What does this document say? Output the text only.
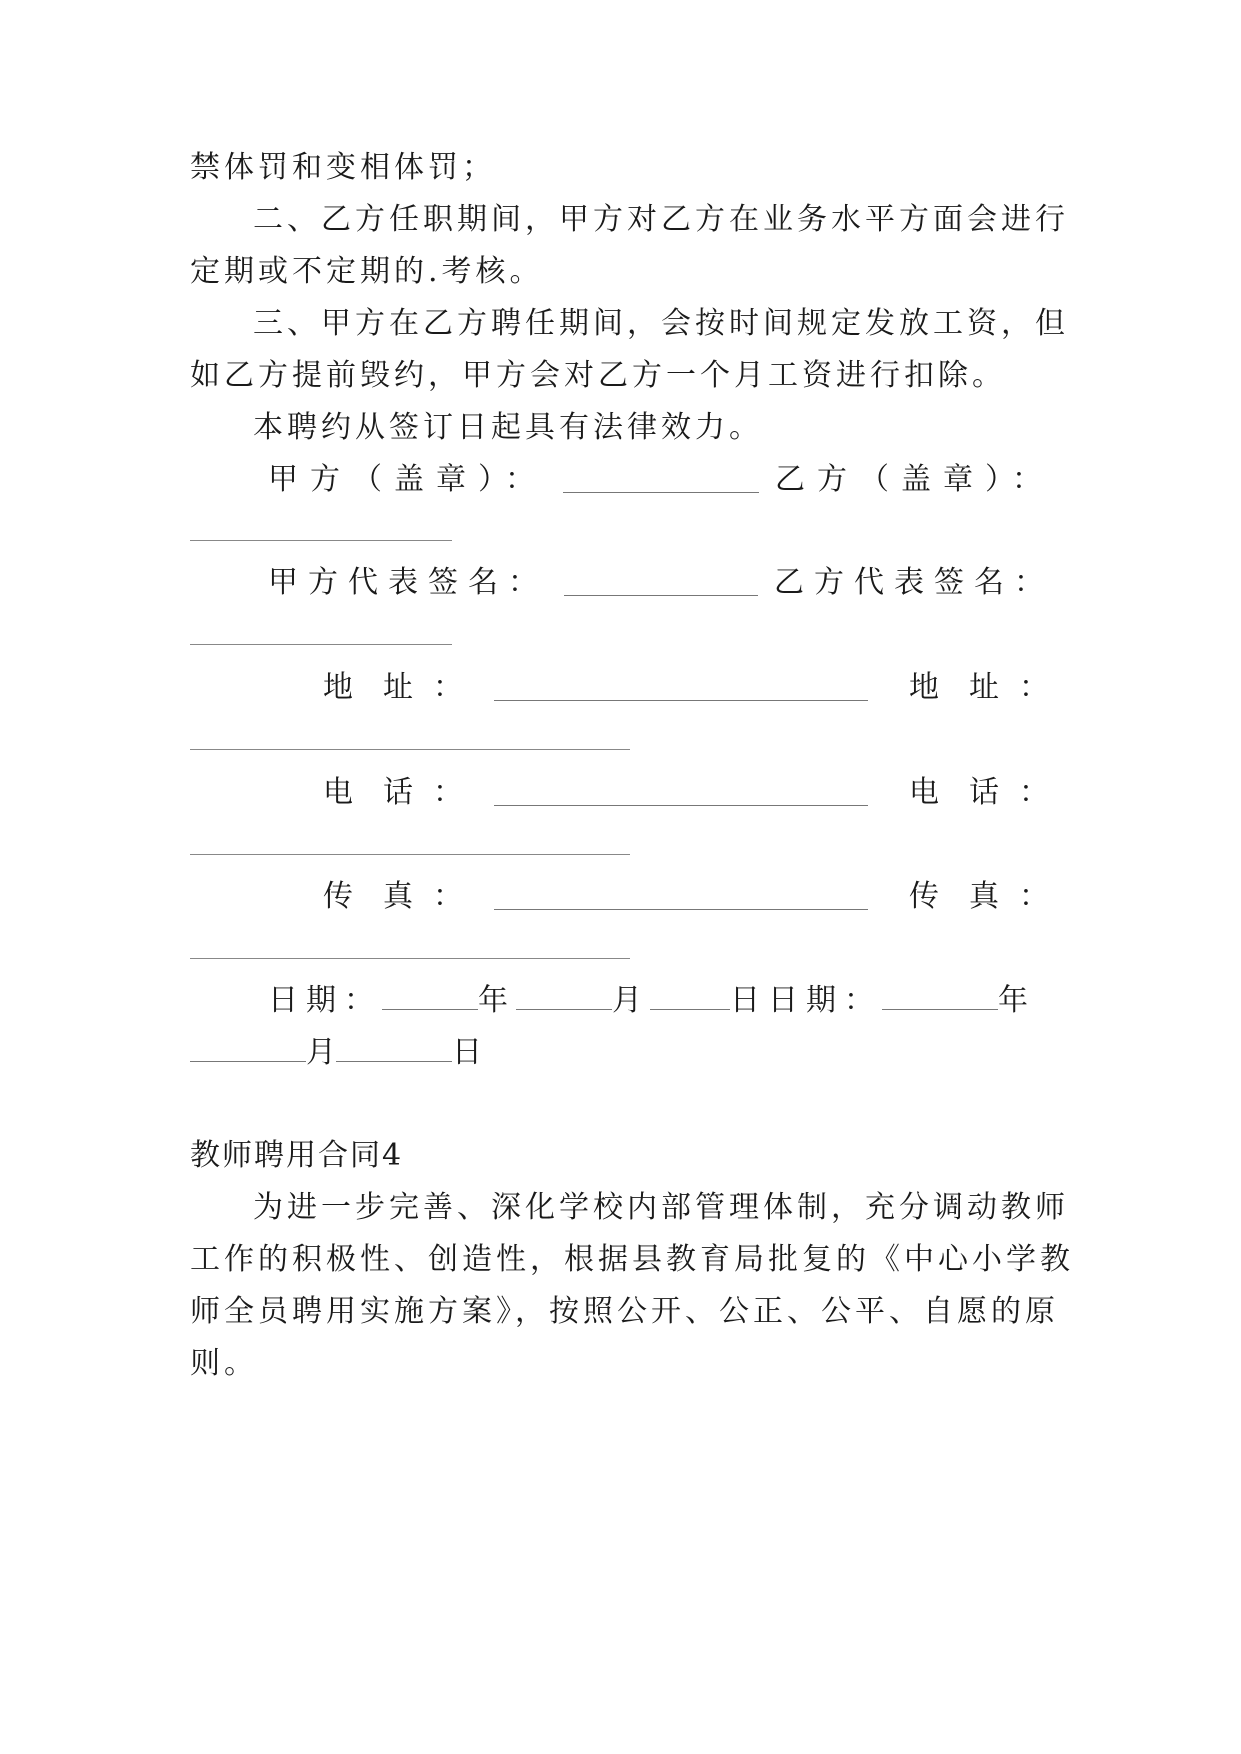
禁体罚和变相体罚；
二、乙方任职期间，甲方对乙方在业务水平方面会进行
定期或不定期的.考核。
三、甲方在乙方聘任期间，会按时间规定发放工资，但
如乙方提前毁约，甲方会对乙方一个月工资进行扣除。
本聘约从签订日起具有法律效力。
甲方（盖章）：	乙方（盖章）：
甲方代表签名：	乙方代表签名：
地 址 ：	地 址 ：
电 话 ：	电 话 ：
传 真 ：	传 真 ：
日期：	年	月	日日期：	年
月	日
教师聘用合同4
为进一步完善、深化学校内部管理体制，充分调动教师
工作的积极性、创造性，根据县教育局批复的《中心小学教
师全员聘用实施方案》，按照公开、公正、公平、自愿的原
则。
